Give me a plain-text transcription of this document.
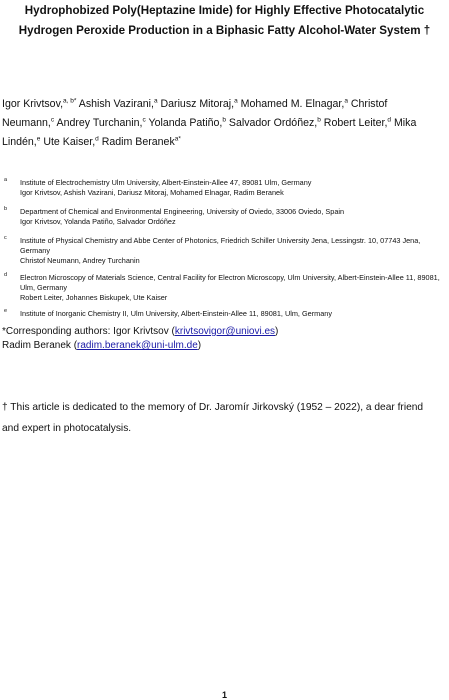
Hydrophobized Poly(Heptazine Imide) for Highly Effective Photocatalytic
Hydrogen Peroxide Production in a Biphasic Fatty Alcohol-Water System †
Igor Krivtsov,$^{a, b*}$ Ashish Vazirani,$^a$ Dariusz Mitoraj,$^a$ Mohamed M. Elnagar,$^a$ Christof Neumann,$^c$ Andrey Turchanin,$^c$ Yolanda Patiño,$^b$ Salvador Ordóñez,$^b$ Robert Leiter,$^d$ Mika Lindén,$^e$ Ute Kaiser,$^d$ Radim Beranek$^{a*}$
a Institute of Electrochemistry Ulm University, Albert-Einstein-Allee 47, 89081 Ulm, Germany
Igor Krivtsov, Ashish Vazirani, Dariusz Mitoraj, Mohamed Elnagar, Radim Beranek
b Department of Chemical and Environmental Engineering, University of Oviedo, 33006 Oviedo, Spain
Igor Krivtsov, Yolanda Patiño, Salvador Ordóñez
c Institute of Physical Chemistry and Abbe Center of Photonics, Friedrich Schiller University Jena, Lessingstr. 10, 07743 Jena, Germany
Christof Neumann, Andrey Turchanin
d Electron Microscopy of Materials Science, Central Facility for Electron Microscopy, Ulm University, Albert-Einstein-Allee 11, 89081, Ulm, Germany
Robert Leiter, Johannes Biskupek, Ute Kaiser
e Institute of Inorganic Chemistry II, Ulm University, Albert-Einstein-Allee 11, 89081, Ulm, Germany
*Corresponding authors: Igor Krivtsov (krivtsovigor@uniovi.es)
Radim Beranek (radim.beranek@uni-ulm.de)
† This article is dedicated to the memory of Dr. Jaromír Jirkovský (1952 – 2022), a dear friend and expert in photocatalysis.
1
